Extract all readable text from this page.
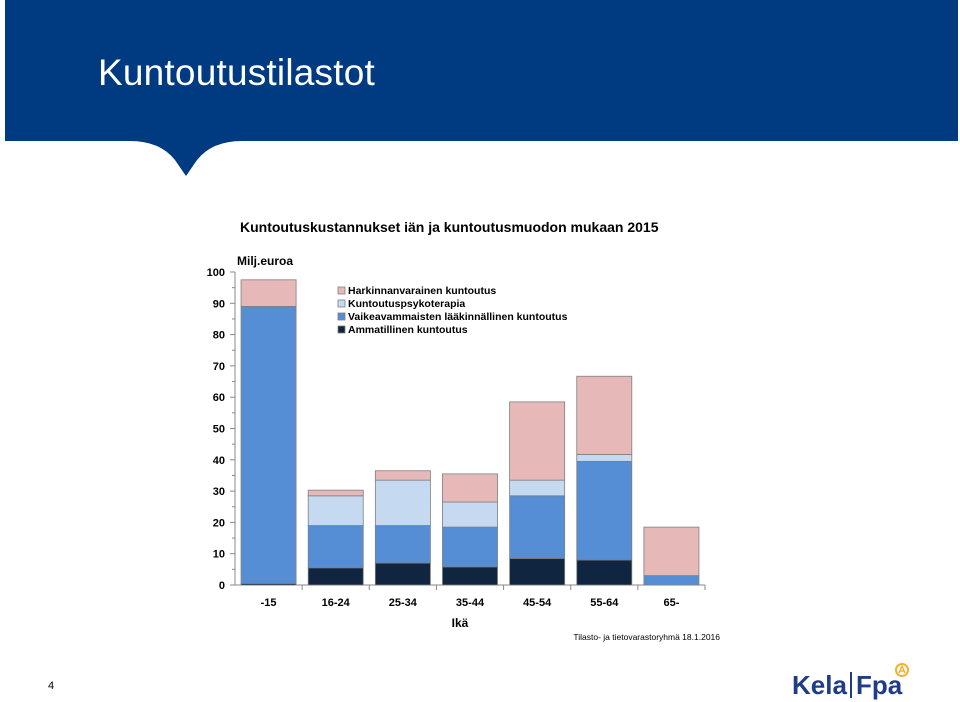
Kuntoutustilastot
Kuntoutuskustannukset iän ja kuntoutusmuodon mukaan 2015
Milj.euroa
0
10
20
30
40
50
60
70
80
90
100
-15	16-24	25-34	35-44	45-54	55-64	65-
Ikä
Tilasto- ja tietovarastoryhmä 18.1.2016
Harkinnanvarainen kuntoutus
Kuntoutuspsykoterapia
Vaikeavammaisten lääkinnällinen kuntoutus
Ammatillinen kuntoutus
4	Kela Fpa
